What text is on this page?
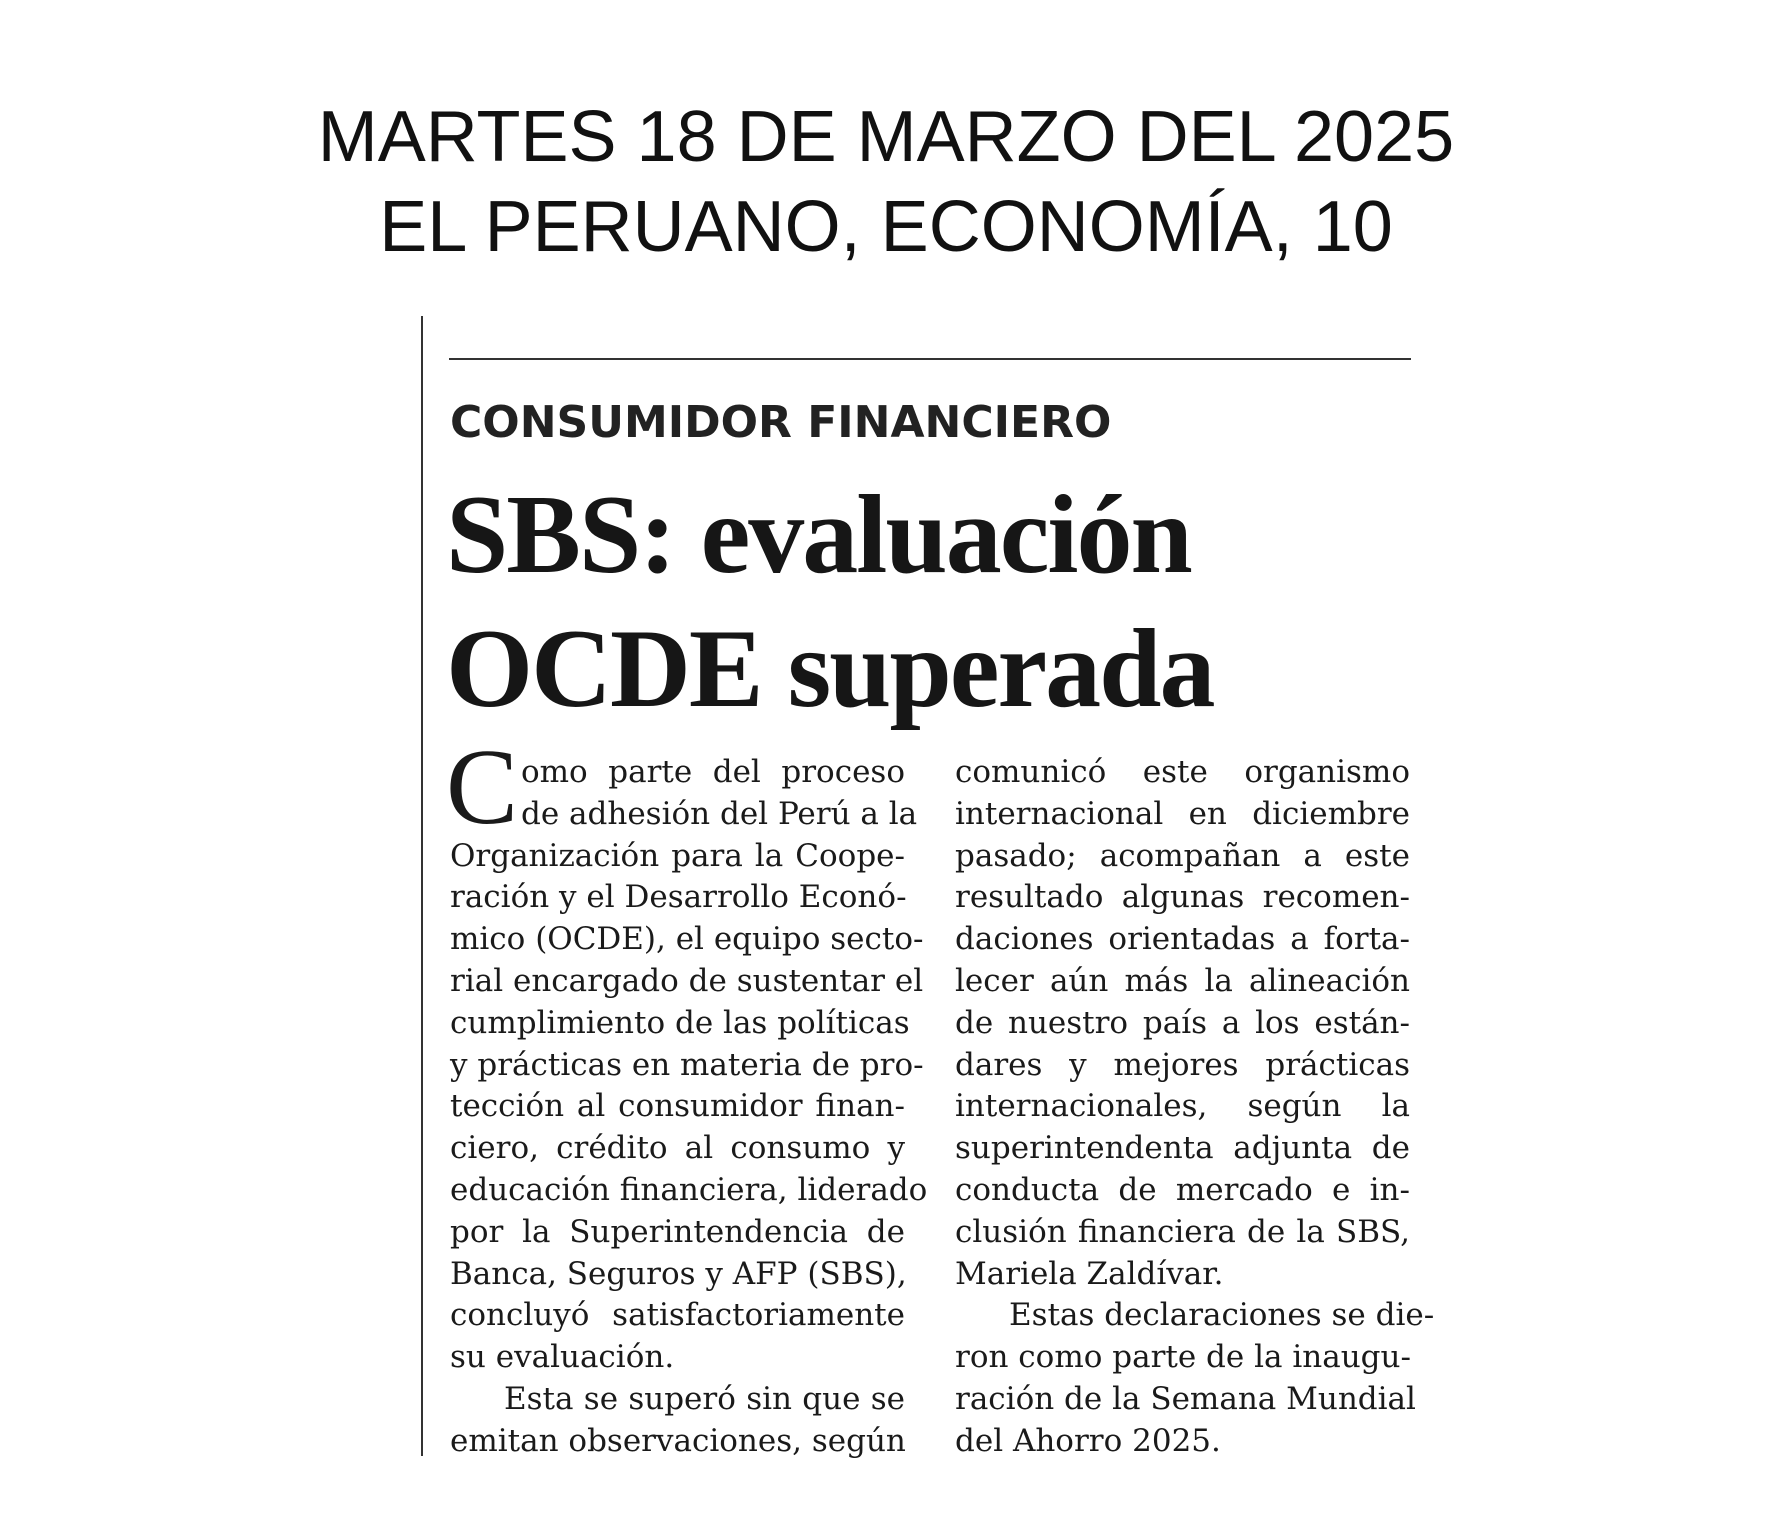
MARTES 18 DE MARZO DEL 2025
EL PERUANO, ECONOMÍA, 10
CONSUMIDOR FINANCIERO
SBS: evaluación
OCDE superada
C omo parte del proceso
de adhesión del Perú a la
Organización para la Coope-
ración y el Desarrollo Econó-
mico (OCDE), el equipo secto-
rial encargado de sustentar el
cumplimiento de las políticas
y prácticas en materia de pro-
tección al consumidor finan-
ciero, crédito al consumo y
educación financiera, liderado
por la Superintendencia de
Banca, Seguros y AFP (SBS),
concluyó satisfactoriamente
su evaluación.
Esta se superó sin que se
emitan observaciones, según
comunicó este organismo
internacional en diciembre
pasado; acompañan a este
resultado algunas recomen-
daciones orientadas a forta-
lecer aún más la alineación
de nuestro país a los están-
dares y mejores prácticas
internacionales, según la
superintendenta adjunta de
conducta de mercado e in-
clusión financiera de la SBS,
Mariela Zaldívar.
Estas declaraciones se die-
ron como parte de la inaugu-
ración de la Semana Mundial
del Ahorro 2025.
